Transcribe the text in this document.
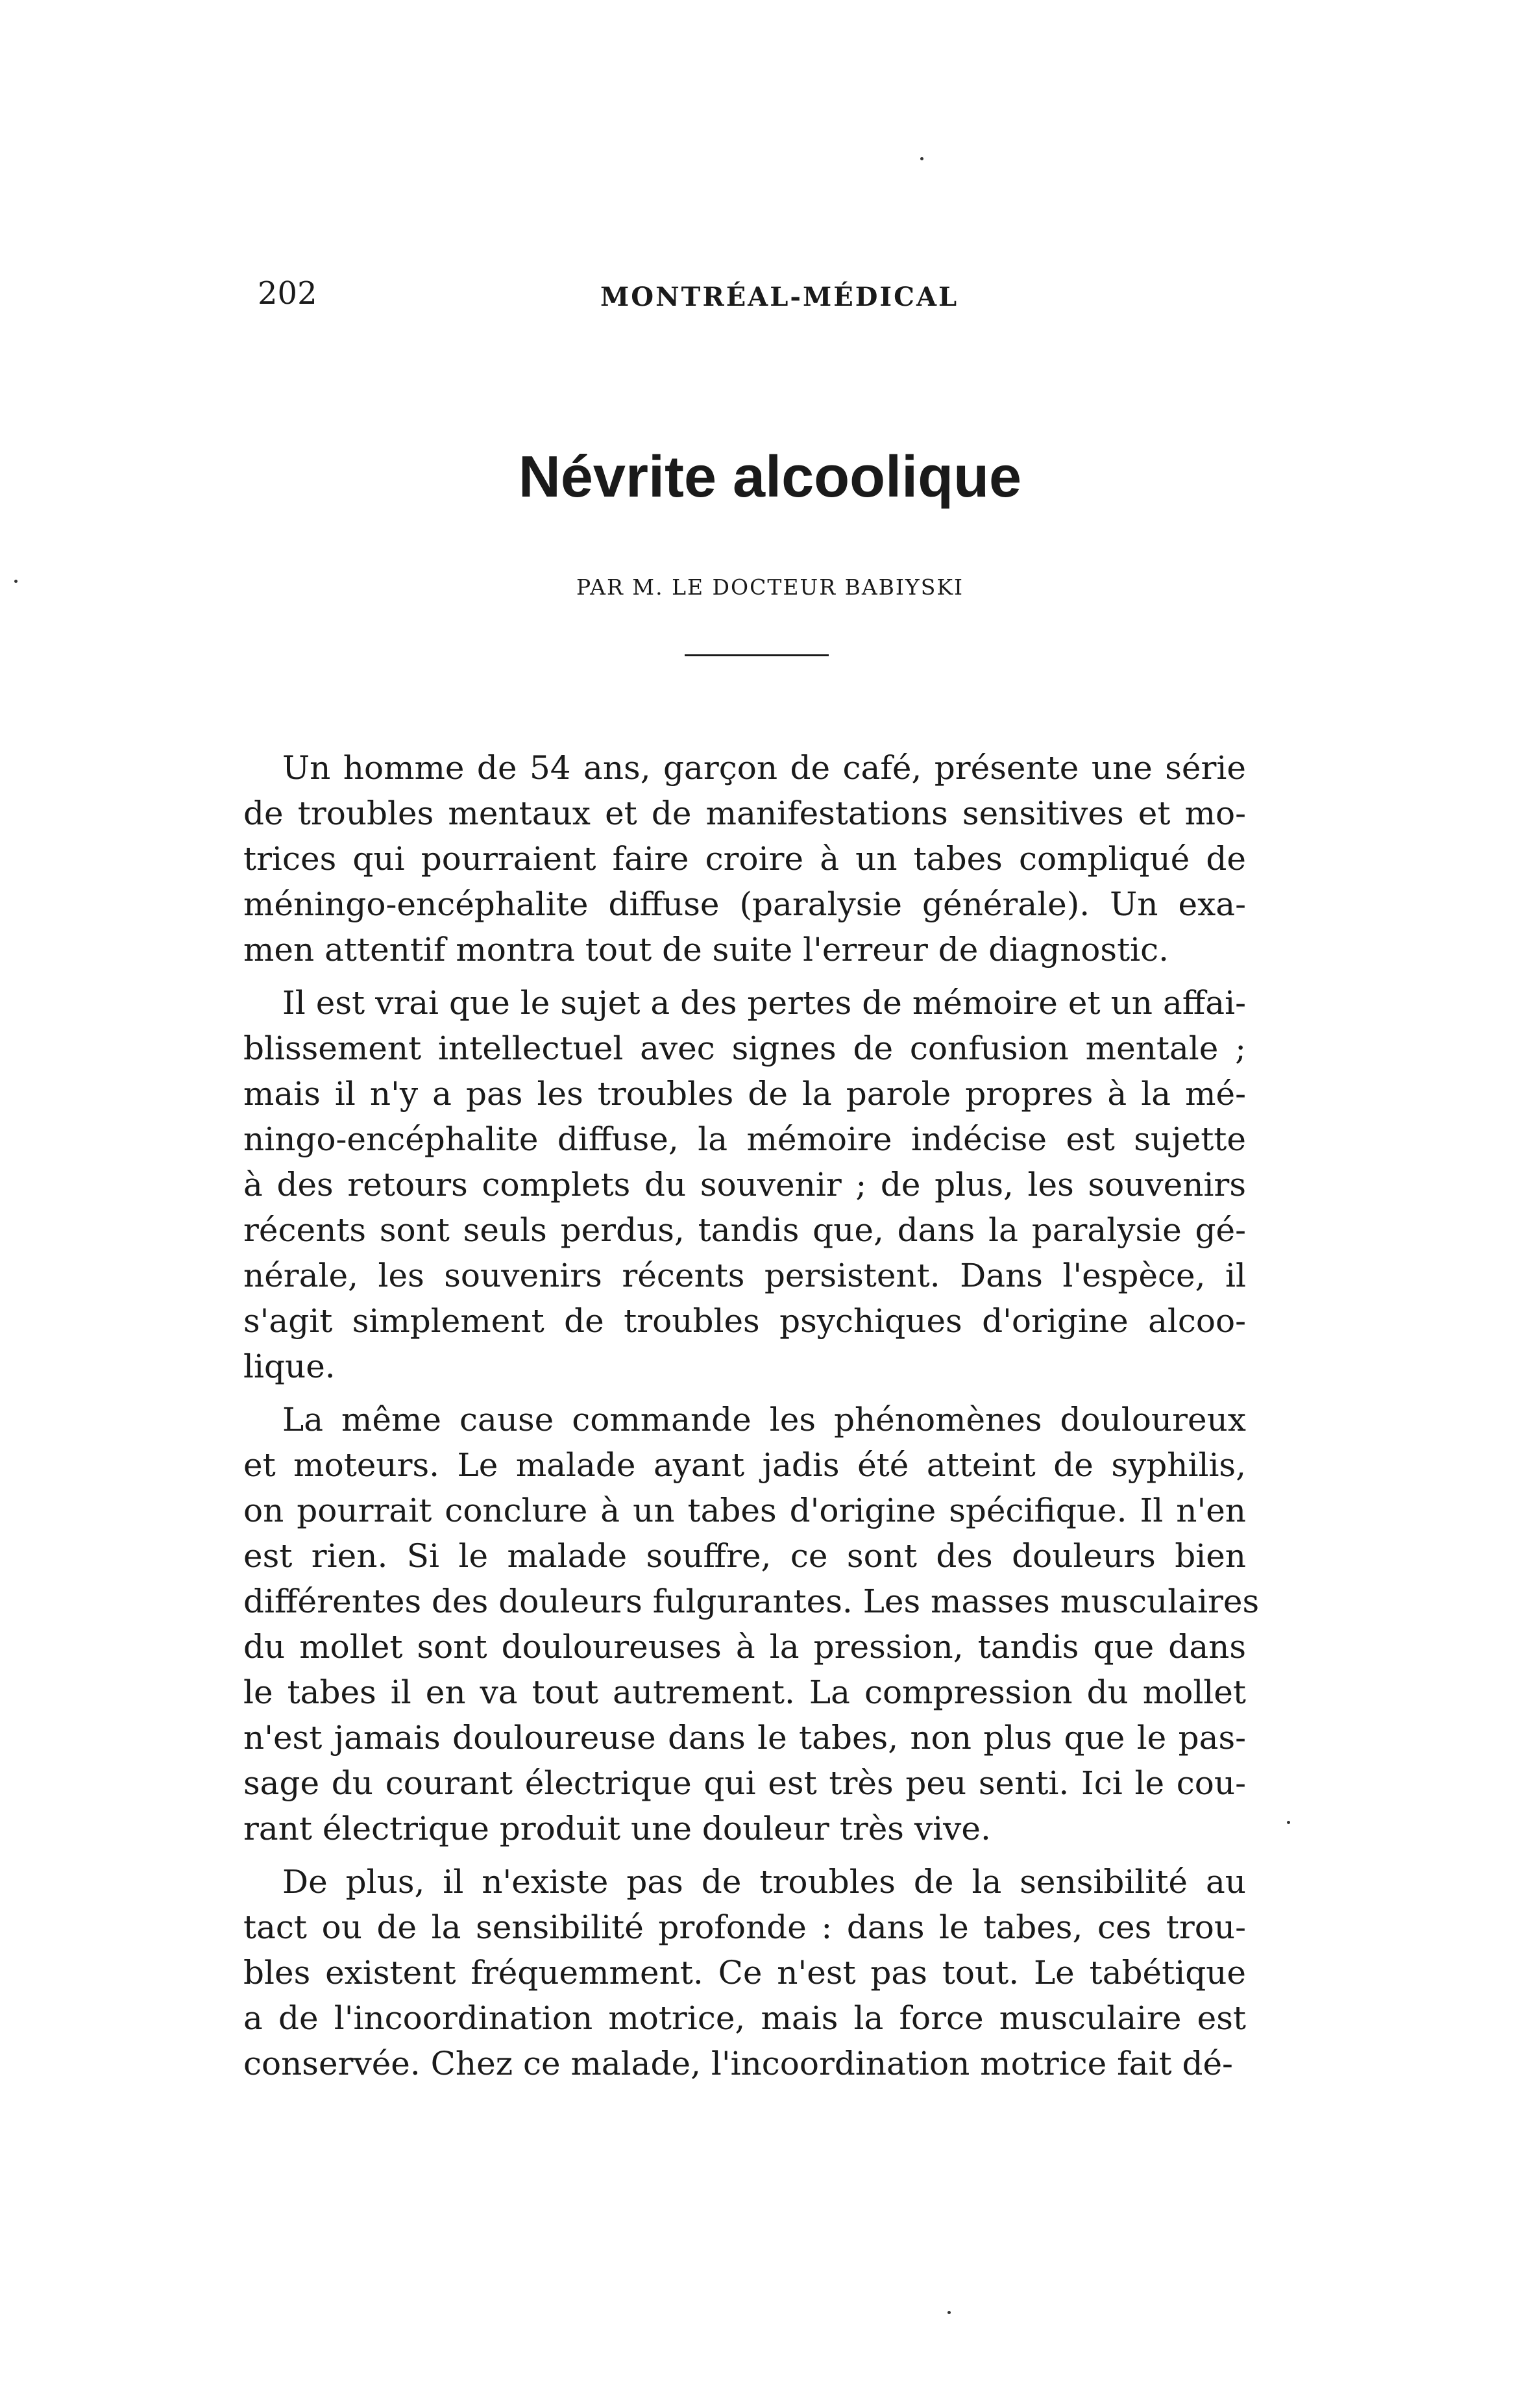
202	MONTRÉAL-MÉDICAL
Névrite alcoolique
PAR M. LE DOCTEUR BABIYSKI
Un homme de 54 ans, garçon de café, présente une série
de troubles mentaux et de manifestations sensitives et mo-
trices qui pourraient faire croire à un tabes compliqué de
méningo-encéphalite diffuse (paralysie générale). Un exa-
men attentif montra tout de suite l'erreur de diagnostic.
Il est vrai que le sujet a des pertes de mémoire et un affai-
blissement intellectuel avec signes de confusion mentale ;
mais il n'y a pas les troubles de la parole propres à la mé-
ningo-encéphalite diffuse, la mémoire indécise est sujette
à des retours complets du souvenir ; de plus, les souvenirs
récents sont seuls perdus, tandis que, dans la paralysie gé-
nérale, les souvenirs récents persistent. Dans l'espèce, il
s'agit simplement de troubles psychiques d'origine alcoo-
lique.
La même cause commande les phénomènes douloureux
et moteurs. Le malade ayant jadis été atteint de syphilis,
on pourrait conclure à un tabes d'origine spécifique. Il n'en
est rien. Si le malade souffre, ce sont des douleurs bien
différentes des douleurs fulgurantes. Les masses musculaires
du mollet sont douloureuses à la pression, tandis que dans
le tabes il en va tout autrement. La compression du mollet
n'est jamais douloureuse dans le tabes, non plus que le pas-
sage du courant électrique qui est très peu senti. Ici le cou-
rant électrique produit une douleur très vive.
De plus, il n'existe pas de troubles de la sensibilité au
tact ou de la sensibilité profonde : dans le tabes, ces trou-
bles existent fréquemment. Ce n'est pas tout. Le tabétique
a de l'incoordination motrice, mais la force musculaire est
conservée. Chez ce malade, l'incoordination motrice fait dé-
